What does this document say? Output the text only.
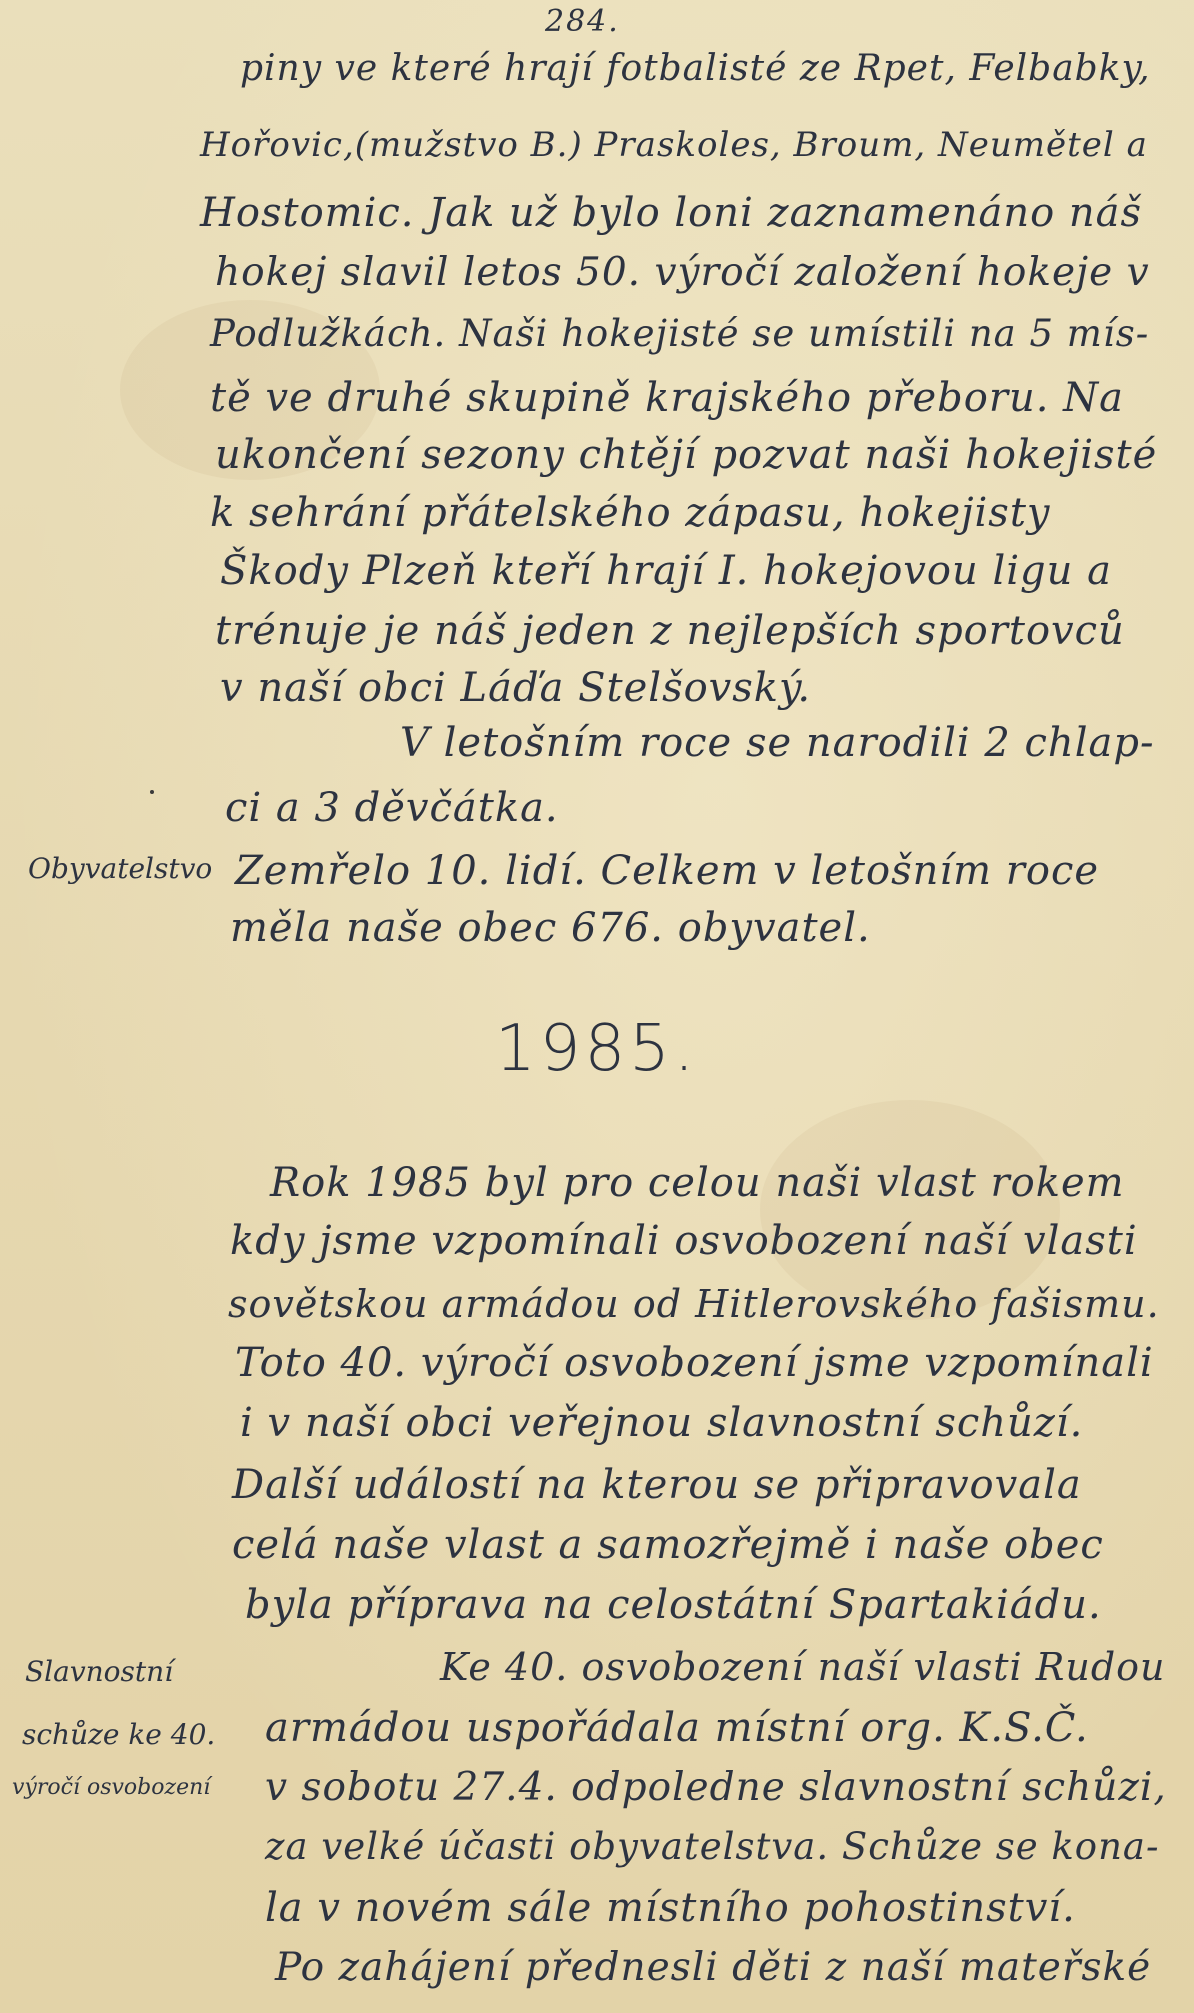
284.
piny ve které hrají fotbalisté ze Rpet, Felbabky,
Hořovic,(mužstvo B.) Praskoles, Broum, Neumětel a
Hostomic. Jak už bylo loni zaznamenáno náš
hokej slavil letos 50. výročí založení hokeje v
Podlužkách. Naši hokejisté se umístili na 5 mís-
tě ve druhé skupině krajského přeboru. Na
ukončení sezony chtějí pozvat naši hokejisté
k sehrání přátelského zápasu, hokejisty
Škody Plzeň kteří hrají I. hokejovou ligu a
trénuje je náš jeden z nejlepších sportovců
v naší obci Láďa Stelšovský.
V letošním roce se narodili 2 chlap-
ci a 3 děvčátka.
Obyvatelstvo Zemřelo 10. lidí. Celkem v letošním roce
měla naše obec 676. obyvatel.
1985.
Rok 1985 byl pro celou naši vlast rokem
kdy jsme vzpomínali osvobození naší vlasti
sovětskou armádou od Hitlerovského fašismu.
Toto 40. výročí osvobození jsme vzpomínali
i v naší obci veřejnou slavnostní schůzí.
Další událostí na kterou se připravovala
celá naše vlast a samozřejmě i naše obec
byla příprava na celostátní Spartakiádu.
Slavnostní	Ke 40. osvobození naší vlasti Rudou
schůze ke 40. armádou uspořádala místní org. K.S.Č.
výročí osvobození v sobotu 27.4. odpoledne slavnostní schůzi,
za velké účasti obyvatelstva. Schůze se kona-
la v novém sále místního pohostinství.
Po zahájení přednesli děti z naší mateřské
